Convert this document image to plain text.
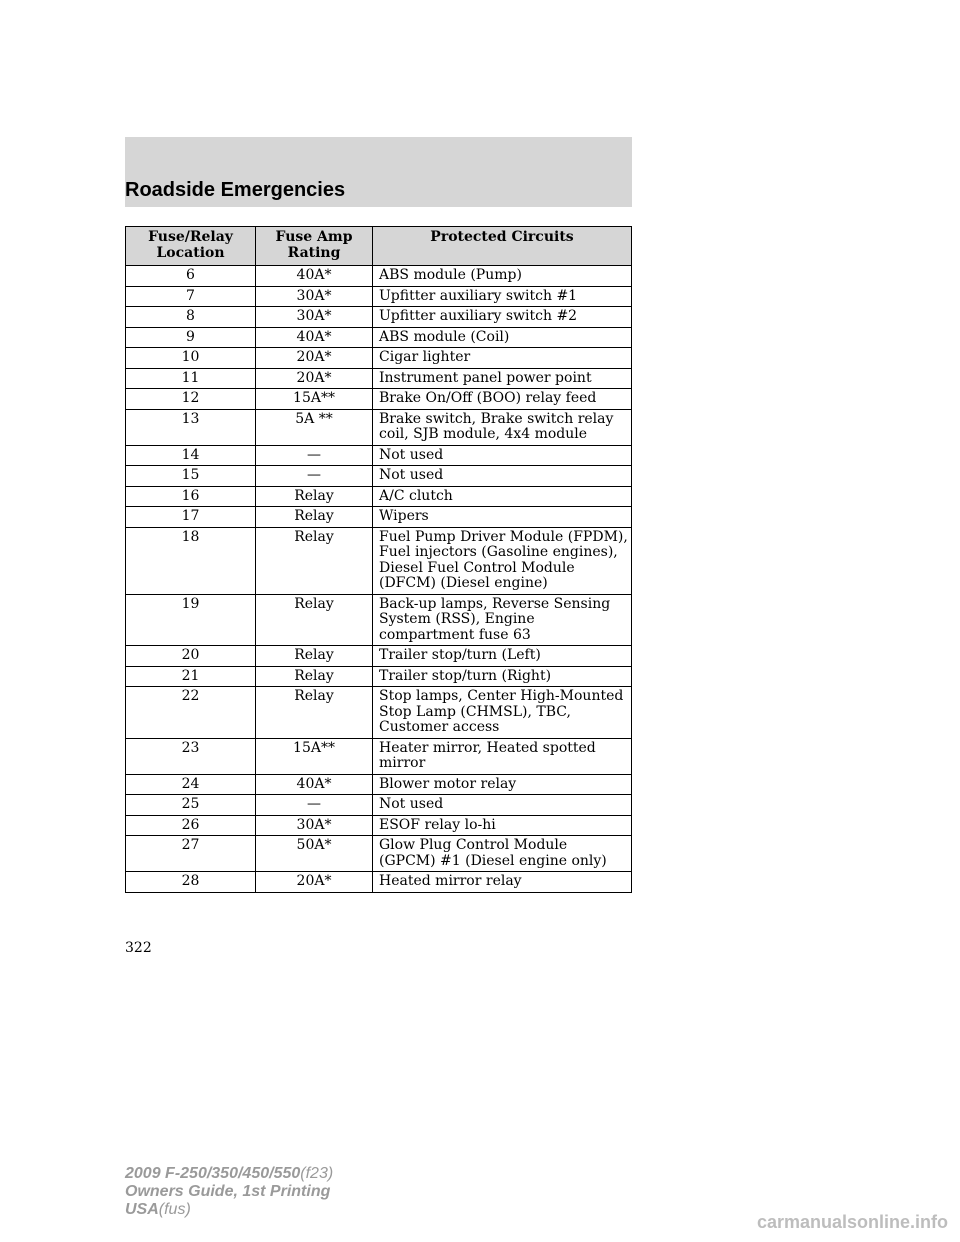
Roadside Emergencies
Fuse/Relay Location	Fuse Amp Rating	Protected Circuits
6	40A*	ABS module (Pump)
7	30A*	Upfitter auxiliary switch #1
8	30A*	Upfitter auxiliary switch #2
9	40A*	ABS module (Coil)
10	20A*	Cigar lighter
11	20A*	Instrument panel power point
12	15A**	Brake On/Off (BOO) relay feed
13	5A **	Brake switch, Brake switch relay coil, SJB module, 4x4 module
14	—	Not used
15	—	Not used
16	Relay	A/C clutch
17	Relay	Wipers
18	Relay	Fuel Pump Driver Module (FPDM), Fuel injectors (Gasoline engines), Diesel Fuel Control Module (DFCM) (Diesel engine)
19	Relay	Back-up lamps, Reverse Sensing System (RSS), Engine compartment fuse 63
20	Relay	Trailer stop/turn (Left)
21	Relay	Trailer stop/turn (Right)
22	Relay	Stop lamps, Center High-Mounted Stop Lamp (CHMSL), TBC, Customer access
23	15A**	Heater mirror, Heated spotted mirror
24	40A*	Blower motor relay
25	—	Not used
26	30A*	ESOF relay lo-hi
27	50A*	Glow Plug Control Module (GPCM) #1 (Diesel engine only)
28	20A*	Heated mirror relay
322
2009 F-250/350/450/550(f23)
Owners Guide, 1st Printing
USA(fus)
carmanualsonline.info
